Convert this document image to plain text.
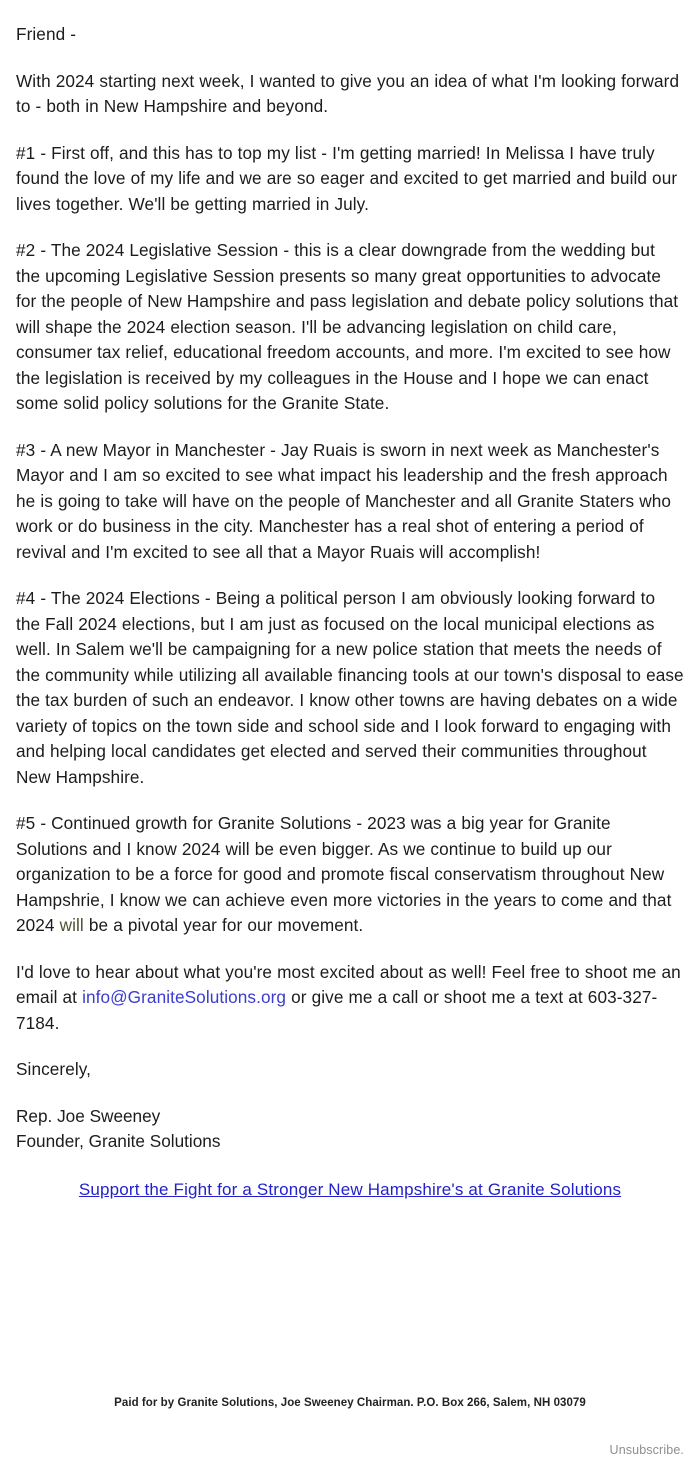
Friend -

With 2024 starting next week, I wanted to give you an idea of what I'm looking forward to - both in New Hampshire and beyond.

#1 - First off, and this has to top my list - I'm getting married! In Melissa I have truly found the love of my life and we are so eager and excited to get married and build our lives together. We'll be getting married in July.

#2 - The 2024 Legislative Session - this is a clear downgrade from the wedding but the upcoming Legislative Session presents so many great opportunities to advocate for the people of New Hampshire and pass legislation and debate policy solutions that will shape the 2024 election season. I'll be advancing legislation on child care, consumer tax relief, educational freedom accounts, and more. I'm excited to see how the legislation is received by my colleagues in the House and I hope we can enact some solid policy solutions for the Granite State.

#3 - A new Mayor in Manchester - Jay Ruais is sworn in next week as Manchester's Mayor and I am so excited to see what impact his leadership and the fresh approach he is going to take will have on the people of Manchester and all Granite Staters who work or do business in the city. Manchester has a real shot of entering a period of revival and I'm excited to see all that a Mayor Ruais will accomplish!

#4 - The 2024 Elections - Being a political person I am obviously looking forward to the Fall 2024 elections, but I am just as focused on the local municipal elections as well. In Salem we'll be campaigning for a new police station that meets the needs of the community while utilizing all available financing tools at our town's disposal to ease the tax burden of such an endeavor. I know other towns are having debates on a wide variety of topics on the town side and school side and I look forward to engaging with and helping local candidates get elected and served their communities throughout New Hampshire.

#5 - Continued growth for Granite Solutions - 2023 was a big year for Granite Solutions and I know 2024 will be even bigger. As we continue to build up our organization to be a force for good and promote fiscal conservatism throughout New Hampshrie, I know we can achieve even more victories in the years to come and that 2024 will be a pivotal year for our movement.

I'd love to hear about what you're most excited about as well! Feel free to shoot me an email at info@GraniteSolutions.org or give me a call or shoot me a text at 603-327-7184.

Sincerely,

Rep. Joe Sweeney
Founder, Granite Solutions
Support the Fight for a Stronger New Hampshire's at Granite Solutions
Paid for by Granite Solutions, Joe Sweeney Chairman. P.O. Box 266, Salem, NH 03079
Unsubscribe.
